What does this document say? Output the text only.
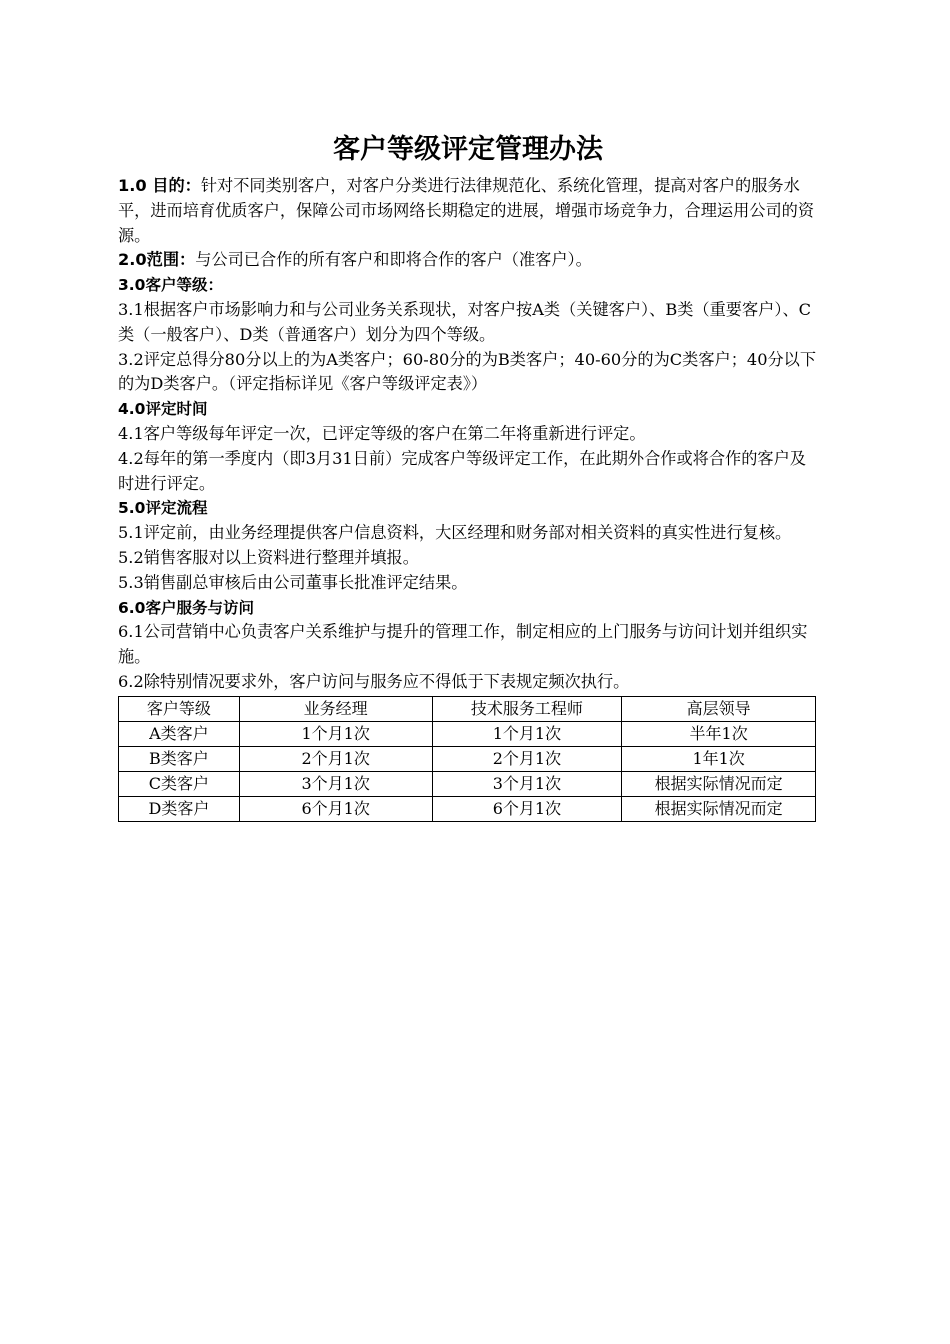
客户等级评定管理办法

1.0 目的：针对不同类别客户，对客户分类进行法律规范化、系统化管理，提高对客户的服务水平，进而培育优质客户，保障公司市场网络长期稳定的进展，增强市场竞争力，合理运用公司的资源。

2.0范围：与公司已合作的所有客户和即将合作的客户（准客户）。

3.0客户等级：

3.1根据客户市场影响力和与公司业务关系现状，对客户按A类（关键客户）、B类（重要客户）、C类（一般客户）、D类（普通客户）划分为四个等级。

3.2评定总得分80分以上的为A类客户；60-80分的为B类客户；40-60分的为C类客户；40分以下的为D类客户。（评定指标详见《客户等级评定表》）

4.0评定时间

4.1客户等级每年评定一次，已评定等级的客户在第二年将重新进行评定。

4.2每年的第一季度内（即3月31日前）完成客户等级评定工作，在此期外合作或将合作的客户及时进行评定。

5.0评定流程

5.1评定前，由业务经理提供客户信息资料，大区经理和财务部对相关资料的真实性进行复核。

5.2销售客服对以上资料进行整理并填报。

5.3销售副总审核后由公司董事长批准评定结果。

6.0客户服务与访问

6.1公司营销中心负责客户关系维护与提升的管理工作，制定相应的上门服务与访问计划并组织实施。

6.2除特别情况要求外，客户访问与服务应不得低于下表规定频次执行。

客户等级	业务经理	技术服务工程师	高层领导
A类客户	1个月1次	1个月1次	半年1次
B类客户	2个月1次	2个月1次	1年1次
C类客户	3个月1次	3个月1次	根据实际情况而定
D类客户	6个月1次	6个月1次	根据实际情况而定
